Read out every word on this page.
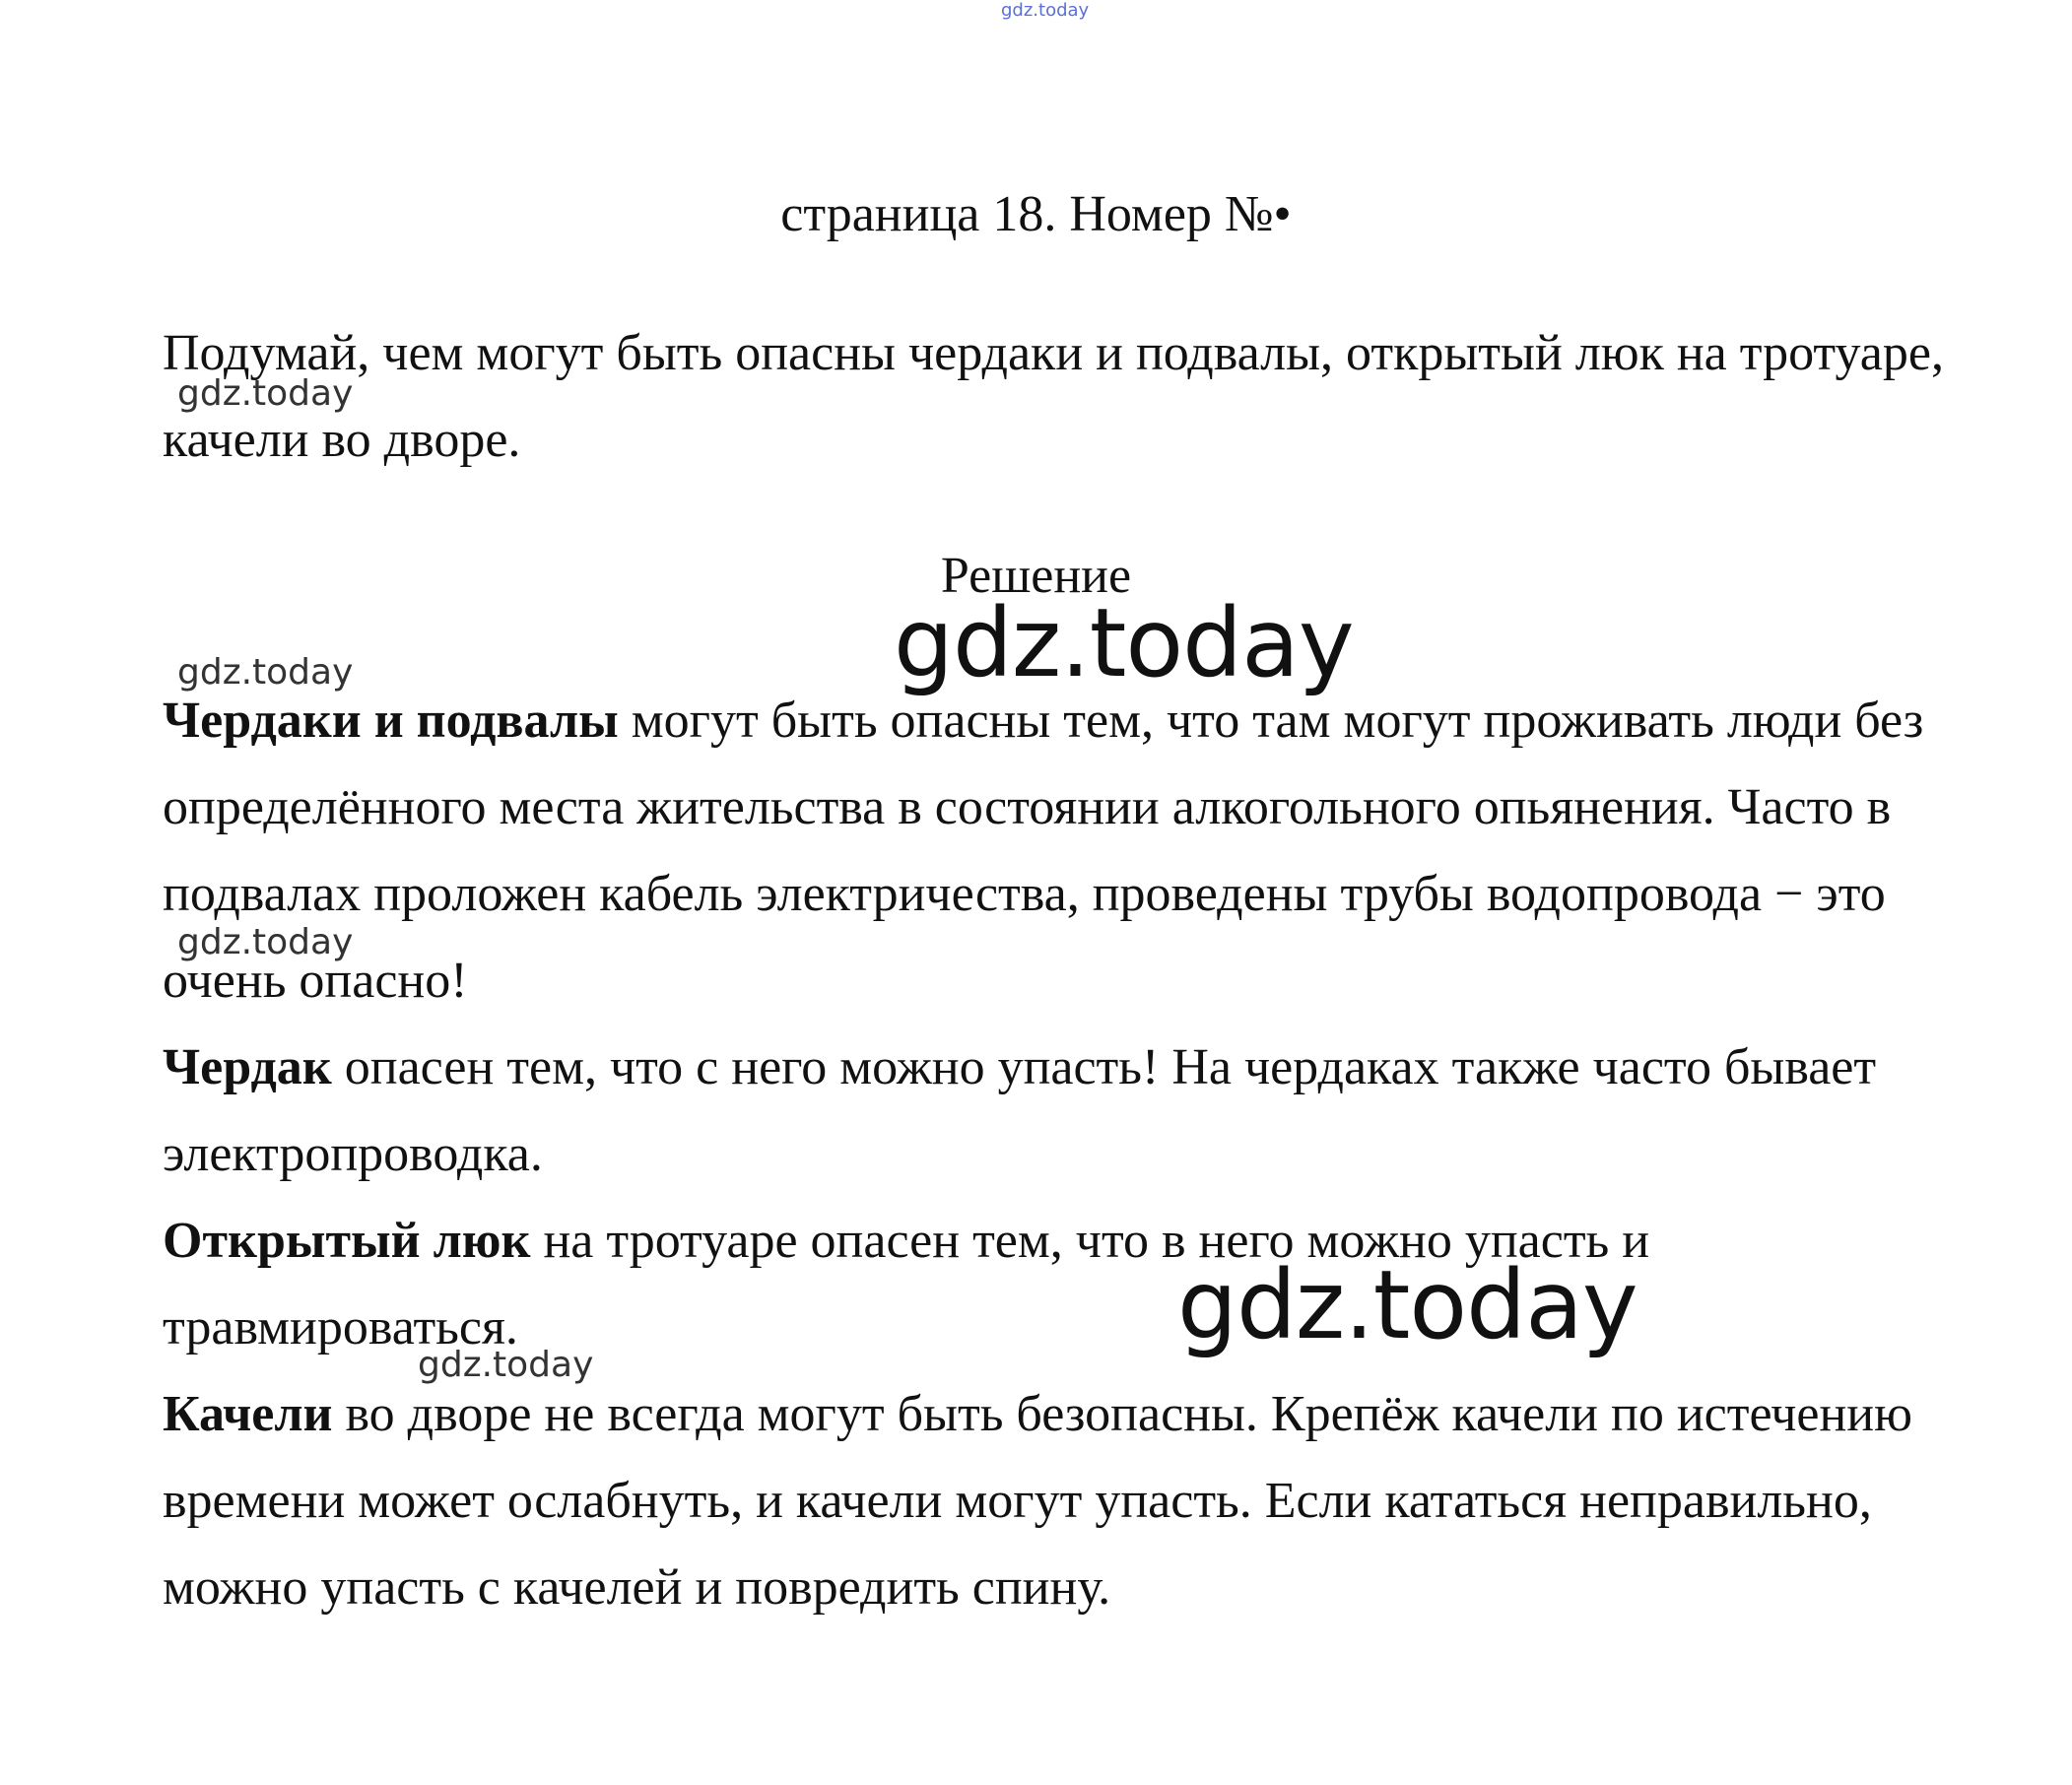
страница 18. Номер №•
Подумай, чем могут быть опасны чердаки и подвалы, открытый люк на тротуаре, качели во дворе.
Решение

Чердаки и подвалы могут быть опасны тем, что там могут проживать люди без определённого места жительства в состоянии алкогольного опьянения. Часто в подвалах проложен кабель электричества, проведены трубы водопровода − это очень опасно!

Чердак опасен тем, что с него можно упасть! На чердаках также часто бывает электропроводка.

Открытый люк на тротуаре опасен тем, что в него можно упасть и травмироваться.

Качели во дворе не всегда могут быть безопасны. Крепёж качели по истечению времени может ослабнуть, и качели могут упасть. Если кататься неправильно, можно упасть с качелей и повредить спину.

gdz.today
gdz.today
gdz.today
gdz.today
gdz.today
gdz.today
gdz.today
